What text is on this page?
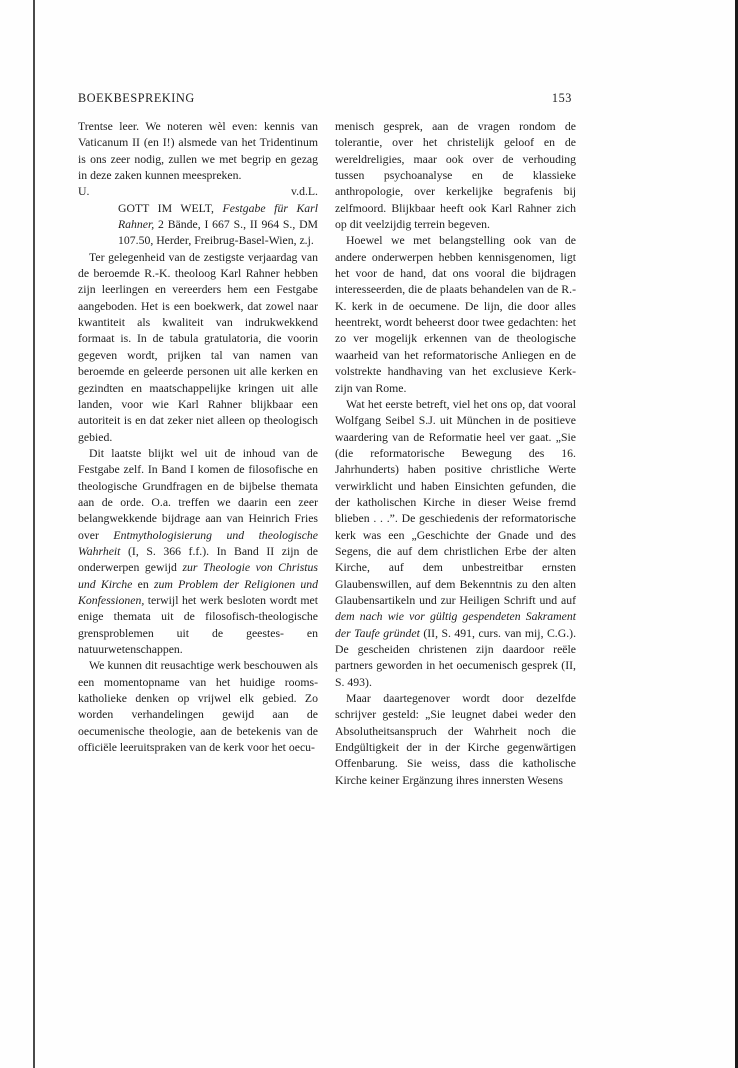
BOEKBESPREKING	153

Trentse leer. We noteren wèl even: kennis van Vaticanum II (en I!) alsmede van het Tridentinum is ons zeer nodig, zullen we met begrip en gezag in deze zaken kunnen meespreken.

U.	v.d.L.

GOTT IM WELT, Festgabe für Karl Rahner, 2 Bände, I 667 S., II 964 S., DM 107.50, Herder, Freibrug-Basel-Wien, z.j.

Ter gelegenheid van de zestigste verjaardag van de beroemde R.-K. theoloog Karl Rahner hebben zijn leerlingen en vereerders hem een Festgabe aangeboden. Het is een boekwerk, dat zowel naar kwantiteit als kwaliteit van indrukwekkend formaat is. In de tabula gratulatoria, die voorin gegeven wordt, prijken tal van namen van beroemde en geleerde personen uit alle kerken en gezindten en maatschappelijke kringen uit alle landen, voor wie Karl Rahner blijkbaar een autoriteit is en dat zeker niet alleen op theologisch gebied.

Dit laatste blijkt wel uit de inhoud van de Festgabe zelf. In Band I komen de filosofische en theologische Grundfragen en de bijbelse themata aan de orde. O.a. treffen we daarin een zeer belangwekkende bijdrage aan van Heinrich Fries over Entmythologisierung und theologische Wahrheit (I, S. 366 f.f.). In Band II zijn de onderwerpen gewijd zur Theologie von Christus und Kirche en zum Problem der Religionen und Konfessionen, terwijl het werk besloten wordt met enige themata uit de filosofisch-theologische grensproblemen uit de geestes- en natuurwetenschappen.

We kunnen dit reusachtige werk beschouwen als een momentopname van het huidige rooms-katholieke denken op vrijwel elk gebied. Zo worden verhandelingen gewijd aan de oecumenische theologie, aan de betekenis van de officiële leeruitspraken van de kerk voor het oecu-

menisch gesprek, aan de vragen rondom de tolerantie, over het christelijk geloof en de wereldreligies, maar ook over de verhouding tussen psychoanalyse en de klassieke anthropologie, over kerkelijke begrafenis bij zelfmoord. Blijkbaar heeft ook Karl Rahner zich op dit veelzijdig terrein begeven.

Hoewel we met belangstelling ook van de andere onderwerpen hebben kennisgenomen, ligt het voor de hand, dat ons vooral die bijdragen interesseerden, die de plaats behandelen van de R.-K. kerk in de oecumene. De lijn, die door alles heentrekt, wordt beheerst door twee gedachten: het zo ver mogelijk erkennen van de theologische waarheid van het reformatorische Anliegen en de volstrekte handhaving van het exclusieve Kerk-zijn van Rome.

Wat het eerste betreft, viel het ons op, dat vooral Wolfgang Seibel S.J. uit München in de positieve waardering van de Reformatie heel ver gaat. „Sie (die reformatorische Bewegung des 16. Jahrhunderts) haben positive christliche Werte verwirklicht und haben Einsichten gefunden, die der katholischen Kirche in dieser Weise fremd blieben . . .”. De geschiedenis der reformatorische kerk was een „Geschichte der Gnade und des Segens, die auf dem christlichen Erbe der alten Kirche, auf dem unbestreitbar ernsten Glaubenswillen, auf dem Bekenntnis zu den alten Glaubensartikeln und zur Heiligen Schrift und auf dem nach wie vor gültig gespendeten Sakrament der Taufe gründet (II, S. 491, curs. van mij, C.G.). De gescheiden christenen zijn daardoor reële partners geworden in het oecumenisch gesprek (II, S. 493).

Maar daartegenover wordt door dezelfde schrijver gesteld: „Sie leugnet dabei weder den Absolutheitsanspruch der Wahrheit noch die Endgültigkeit der in der Kirche gegenwärtigen Offenbarung. Sie weiss, dass die katholische Kirche keiner Ergänzung ihres innersten Wesens
